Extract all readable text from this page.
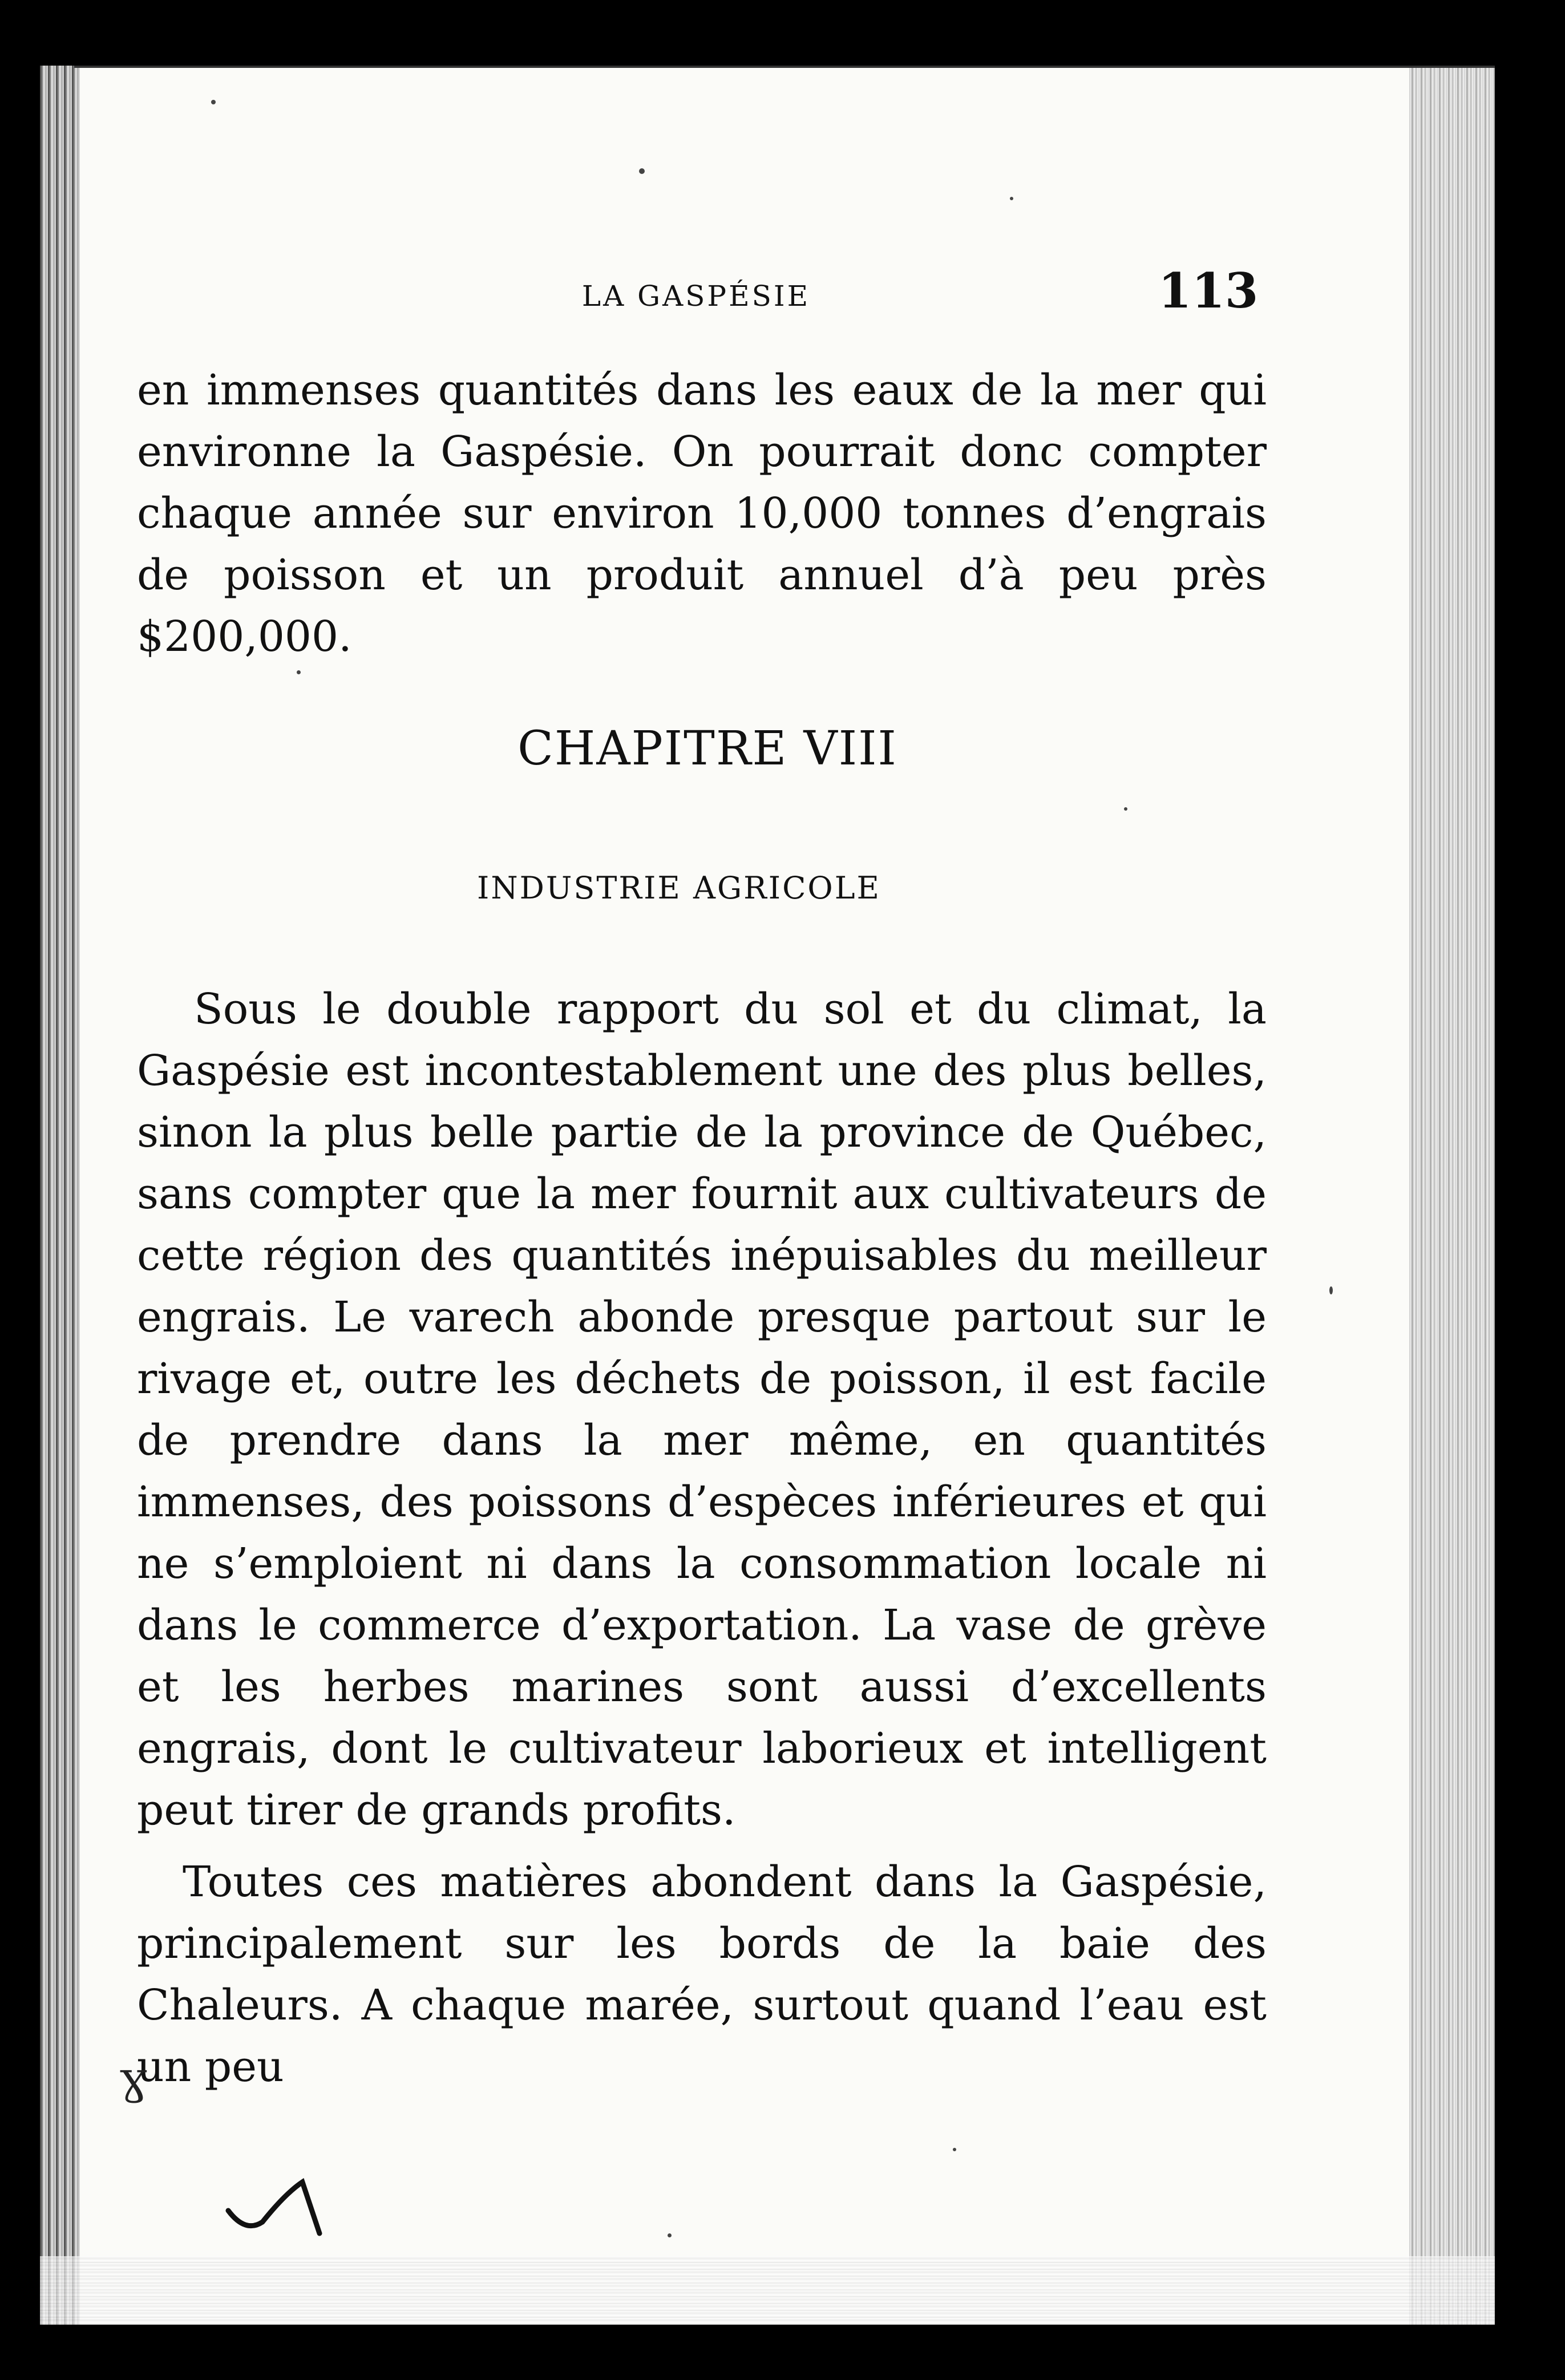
LA GASPÉSIE	113
en immenses quantités dans les eaux de la mer qui environne la Gaspésie. On pourrait donc compter chaque année sur environ 10,000 tonnes d’engrais de poisson et un produit annuel d’à peu près $200,000.
CHAPITRE VIII
INDUSTRIE AGRICOLE
Sous le double rapport du sol et du climat, la Gaspésie est incontestablement une des plus belles, sinon la plus belle partie de la province de Québec, sans compter que la mer fournit aux cultivateurs de cette région des quantités inépuisables du meilleur engrais. Le varech abonde presque partout sur le rivage et, outre les déchets de poisson, il est facile de prendre dans la mer même, en quantités immenses, des poissons d’espèces inférieures et qui ne s’emploient ni dans la consommation locale ni dans le commerce d’exportation. La vase de grève et les herbes marines sont aussi d’excellents engrais, dont le cultivateur laborieux et intelligent peut tirer de grands profits.
Toutes ces matières abondent dans la Gaspésie, principalement sur les bords de la baie des Chaleurs. A chaque marée, surtout quand l’eau est un peu
Ɣ
